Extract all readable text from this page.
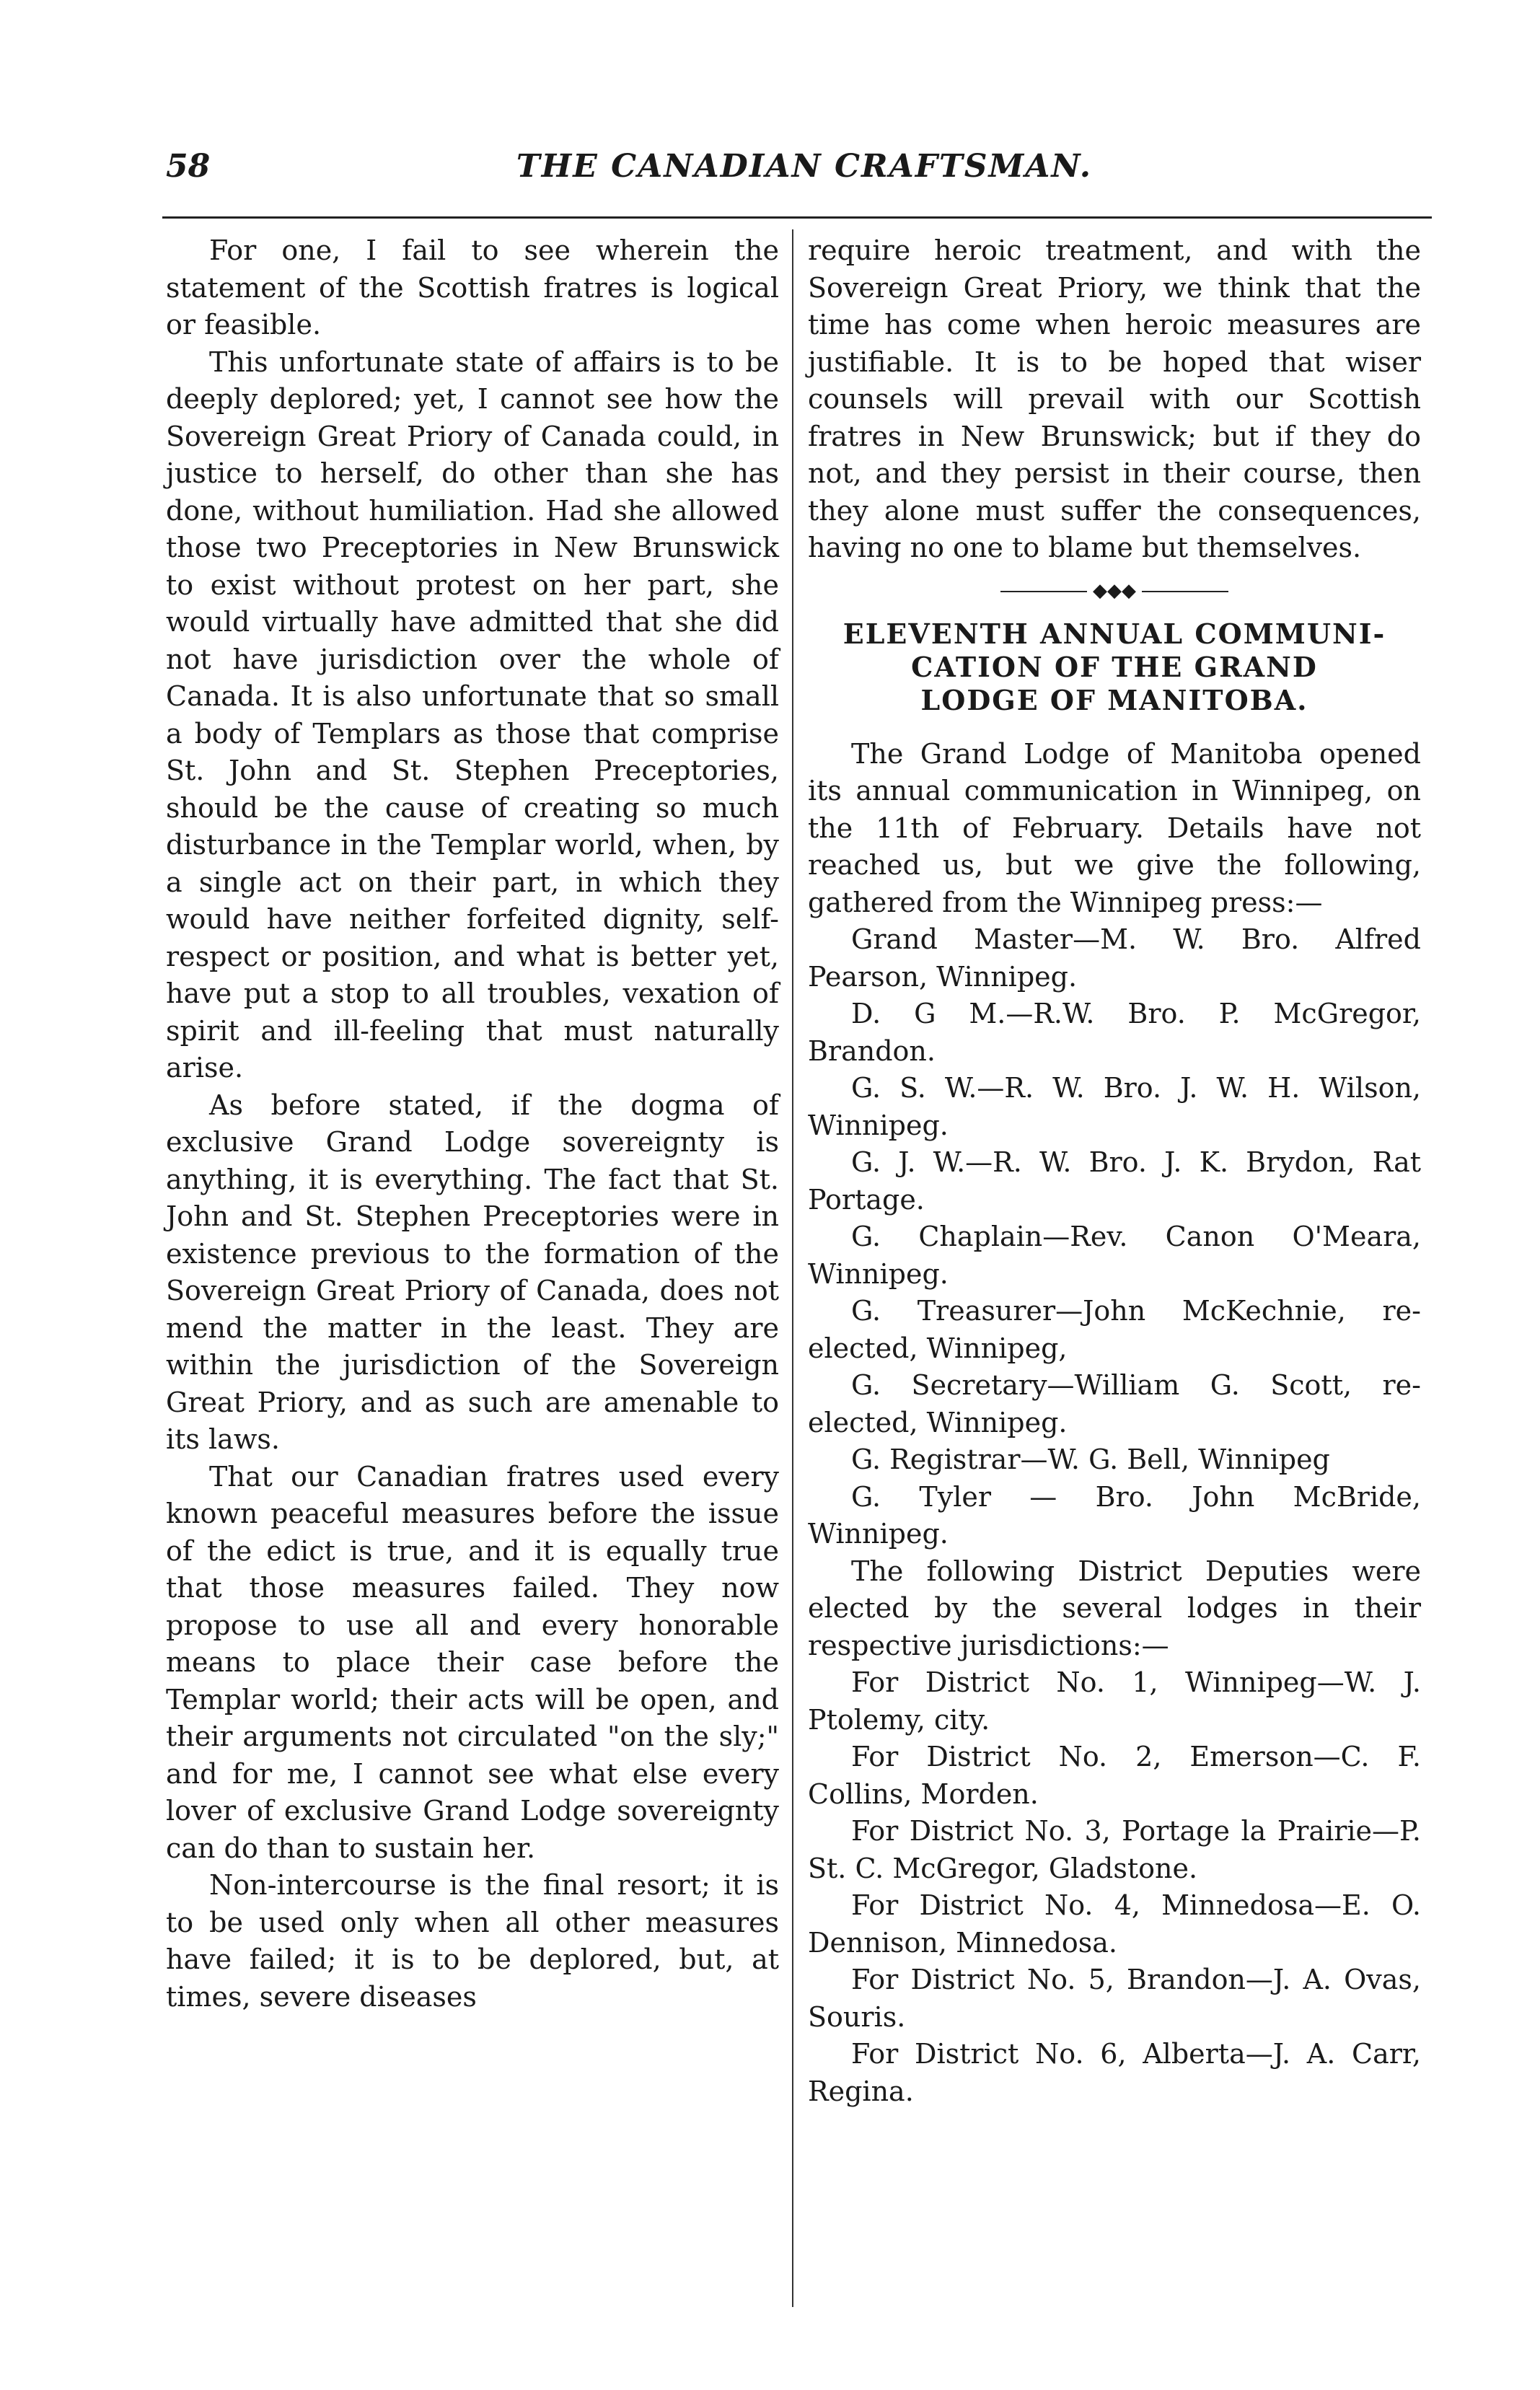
58	THE CANADIAN CRAFTSMAN.

For one, I fail to see wherein the statement of the Scottish fratres is logical or feasible.

This unfortunate state of affairs is to be deeply deplored; yet, I cannot see how the Sovereign Great Priory of Canada could, in justice to herself, do other than she has done, without humiliation. Had she allowed those two Preceptories in New Brunswick to exist without protest on her part, she would virtually have admitted that she did not have jurisdiction over the whole of Canada. It is also unfortunate that so small a body of Templars as those that comprise St. John and St. Stephen Preceptories, should be the cause of creating so much disturbance in the Templar world, when, by a single act on their part, in which they would have neither forfeited dignity, self-respect or position, and what is better yet, have put a stop to all troubles, vexation of spirit and ill-feeling that must naturally arise.

As before stated, if the dogma of exclusive Grand Lodge sovereignty is anything, it is everything. The fact that St. John and St. Stephen Preceptories were in existence previous to the formation of the Sovereign Great Priory of Canada, does not mend the matter in the least. They are within the jurisdiction of the Sovereign Great Priory, and as such are amenable to its laws.

That our Canadian fratres used every known peaceful measures before the issue of the edict is true, and it is equally true that those measures failed. They now propose to use all and every honorable means to place their case before the Templar world; their acts will be open, and their arguments not circulated "on the sly;" and for me, I cannot see what else every lover of exclusive Grand Lodge sovereignty can do than to sustain her.

Non-intercourse is the final resort; it is to be used only when all other measures have failed; it is to be deplored, but, at times, severe diseases

require heroic treatment, and with the Sovereign Great Priory, we think that the time has come when heroic measures are justifiable. It is to be hoped that wiser counsels will prevail with our Scottish fratres in New Brunswick; but if they do not, and they persist in their course, then they alone must suffer the consequences, having no one to blame but themselves.

◆◆◆
ELEVENTH ANNUAL COMMUNI-
CATION OF THE GRAND
LODGE OF MANITOBA.

The Grand Lodge of Manitoba opened its annual communication in Winnipeg, on the 11th of February. Details have not reached us, but we give the following, gathered from the Winnipeg press:—

Grand Master—M. W. Bro. Alfred Pearson, Winnipeg.

D. G M.—R.W. Bro. P. McGregor, Brandon.

G. S. W.—R. W. Bro. J. W. H. Wilson, Winnipeg.

G. J. W.—R. W. Bro. J. K. Brydon, Rat Portage.

G. Chaplain—Rev. Canon O'Meara, Winnipeg.

G. Treasurer—John McKechnie, re-elected, Winnipeg,

G. Secretary—William G. Scott, re-elected, Winnipeg.

G. Registrar—W. G. Bell, Winnipeg

G. Tyler — Bro. John McBride, Winnipeg.

The following District Deputies were elected by the several lodges in their respective jurisdictions:—

For District No. 1, Winnipeg—W. J. Ptolemy, city.

For District No. 2, Emerson—C. F. Collins, Morden.

For District No. 3, Portage la Prairie—P. St. C. McGregor, Gladstone.

For District No. 4, Minnedosa—E. O. Dennison, Minnedosa.

For District No. 5, Brandon—J. A. Ovas, Souris.

For District No. 6, Alberta—J. A. Carr, Regina.
